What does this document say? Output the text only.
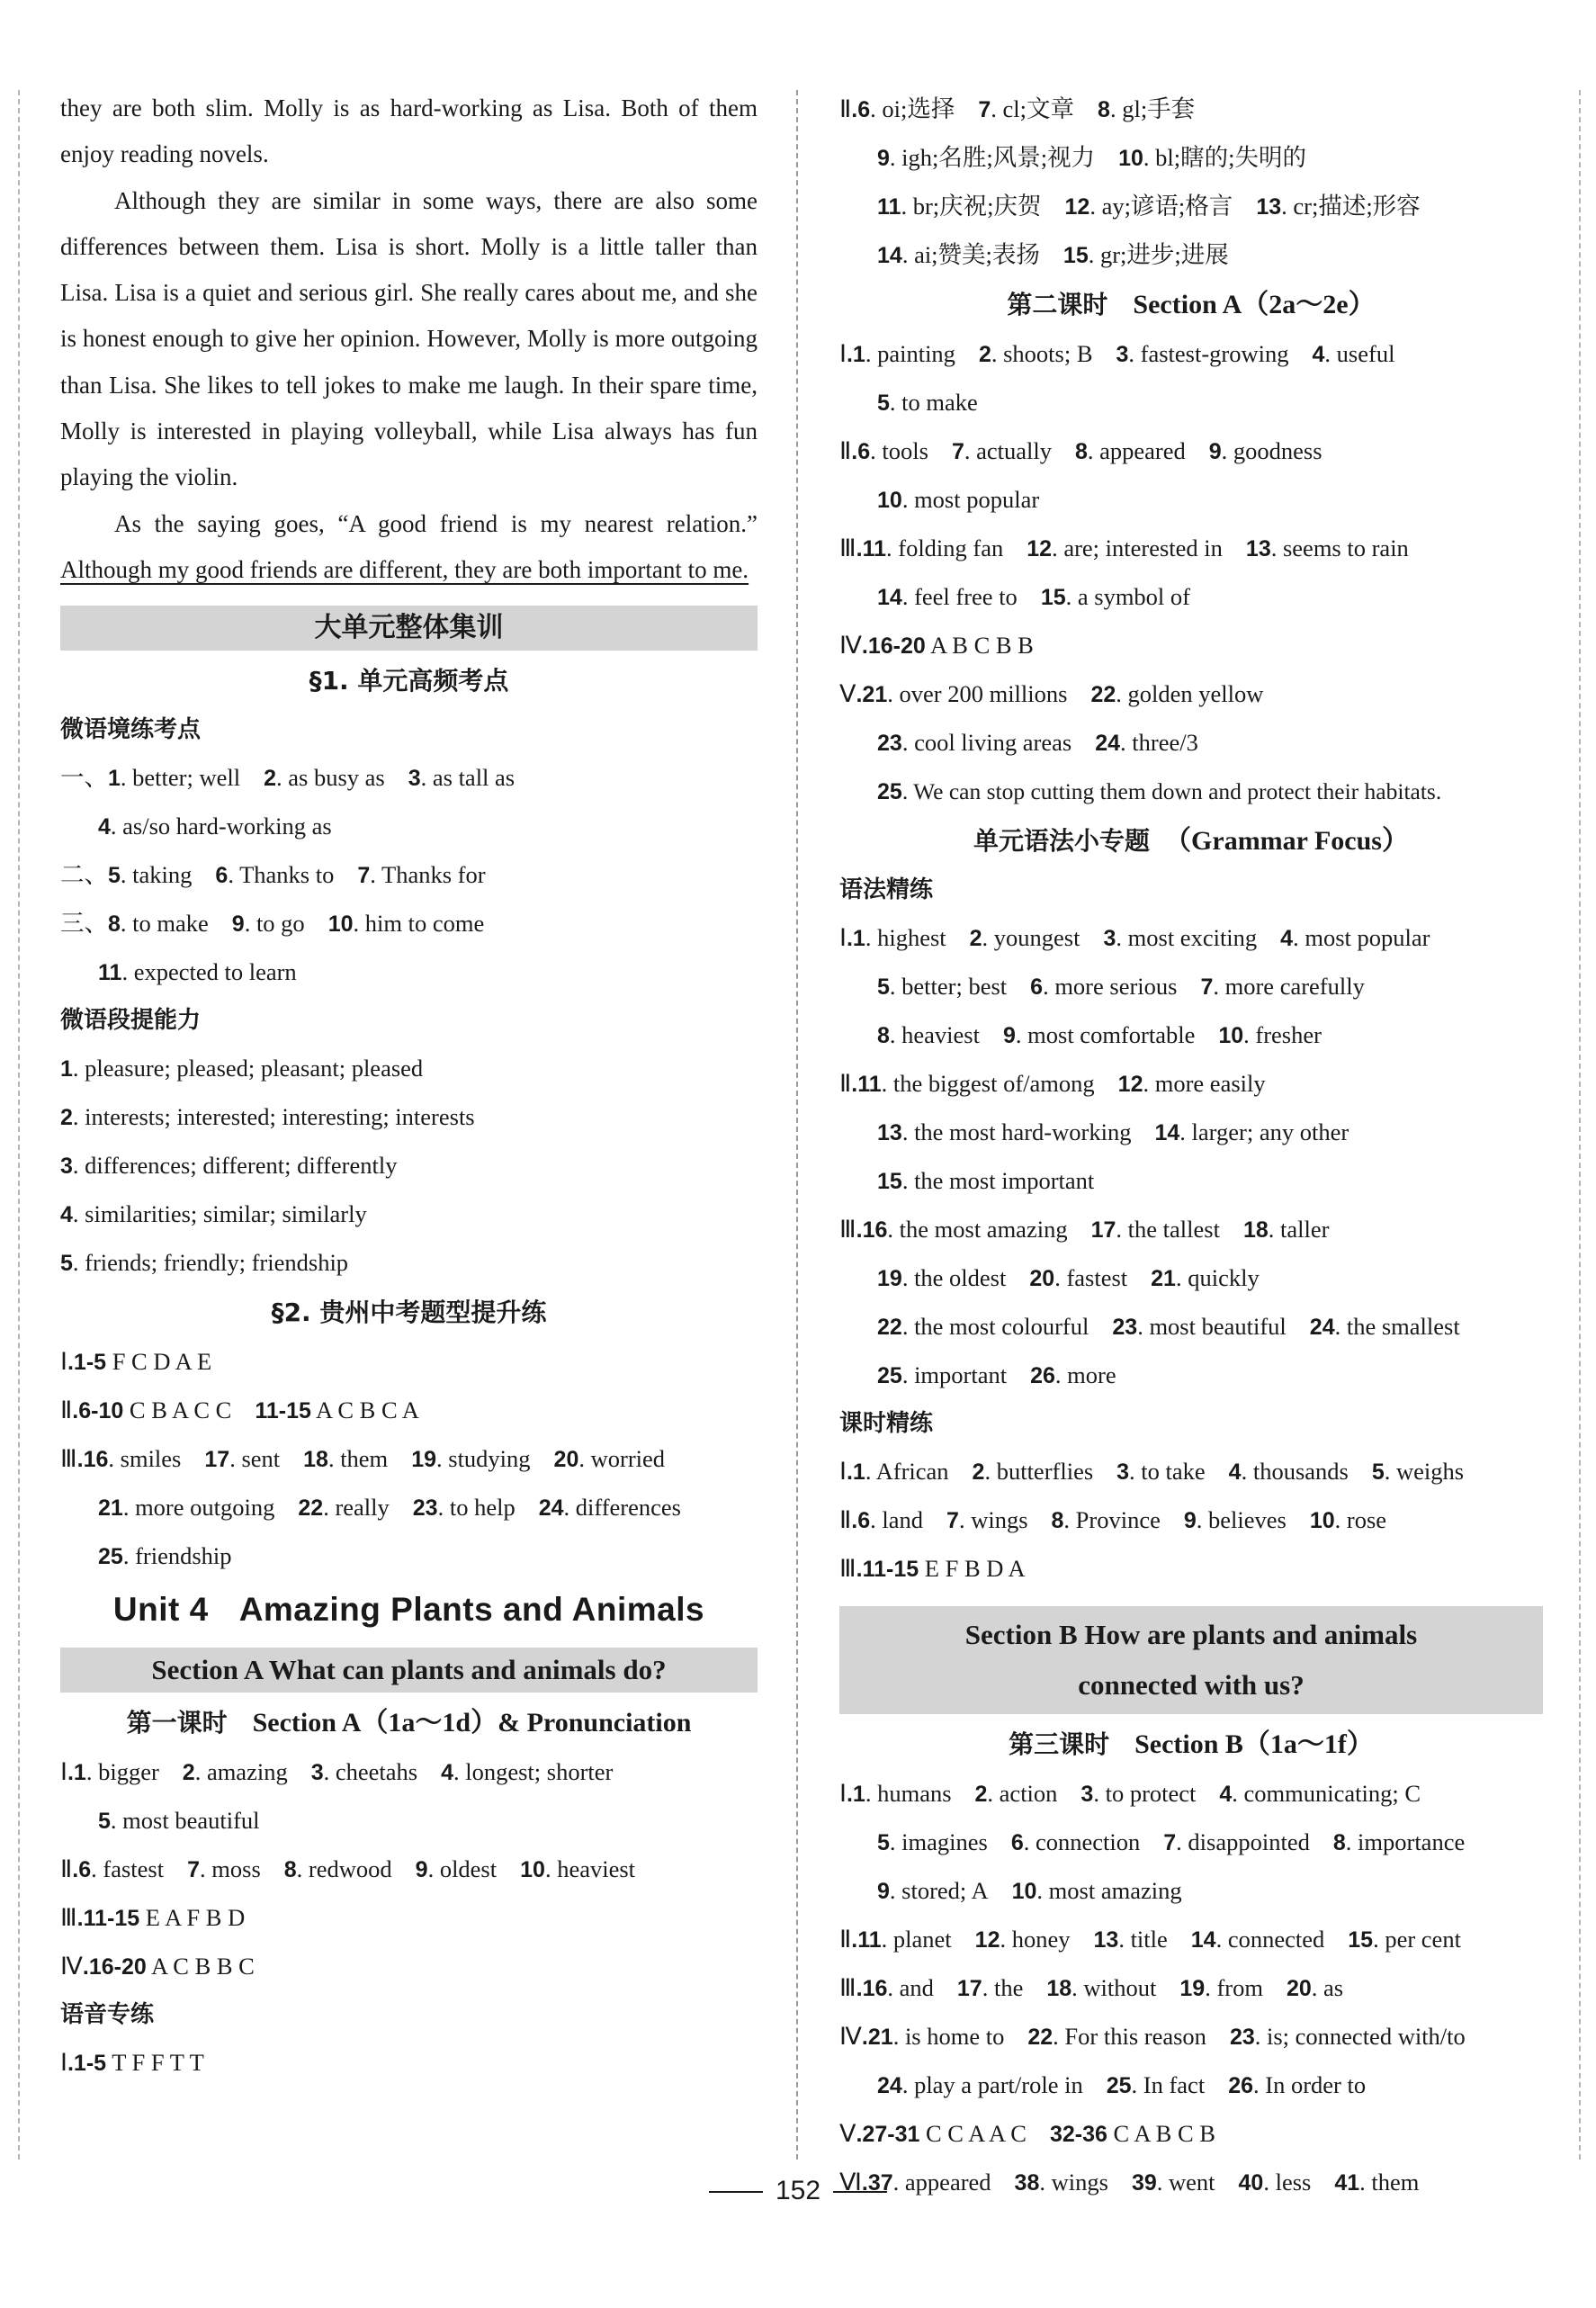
they are both slim. Molly is as hard-working as Lisa. Both of them enjoy reading novels.

Although they are similar in some ways, there are also some differences between them. Lisa is short. Molly is a little taller than Lisa. Lisa is a quiet and serious girl. She really cares about me, and she is honest enough to give her opinion. However, Molly is more outgoing than Lisa. She likes to tell jokes to make me laugh. In their spare time, Molly is interested in playing volleyball, while Lisa always has fun playing the violin.

As the saying goes, “A good friend is my nearest relation.” Although my good friends are different, they are both important to me.

大单元整体集训
§1. 单元高频考点
微语境练考点
一、1. better; well 2. as busy as 3. as tall as
4. as/so hard-working as
二、5. taking 6. Thanks to 7. Thanks for
三、8. to make 9. to go 10. him to come
11. expected to learn
微语段提能力
1. pleasure; pleased; pleasant; pleased
2. interests; interested; interesting; interests
3. differences; different; differently
4. similarities; similar; similarly
5. friends; friendly; friendship
§2. 贵州中考题型提升练
Ⅰ.1-5 F C D A E
Ⅱ.6-10 C B A C C 11-15 A C B C A
Ⅲ.16. smiles 17. sent 18. them 19. studying 20. worried
21. more outgoing 22. really 23. to help 24. differences
25. friendship
Unit 4 Amazing Plants and Animals
Section A What can plants and animals do?
第一课时 Section A（1a～1d）& Pronunciation
Ⅰ.1. bigger 2. amazing 3. cheetahs 4. longest; shorter
5. most beautiful
Ⅱ.6. fastest 7. moss 8. redwood 9. oldest 10. heaviest
Ⅲ.11-15 E A F B D
Ⅳ.16-20 A C B B C
语音专练
Ⅰ.1-5 T F F T T
Ⅱ.6. oi;选择 7. cl;文章 8. gl;手套
9. igh;名胜;风景;视力 10. bl;瞎的;失明的
11. br;庆祝;庆贺 12. ay;谚语;格言 13. cr;描述;形容
14. ai;赞美;表扬 15. gr;进步;进展
第二课时 Section A（2a～2e）
Ⅰ.1. painting 2. shoots; B 3. fastest-growing 4. useful
5. to make
Ⅱ.6. tools 7. actually 8. appeared 9. goodness
10. most popular
Ⅲ.11. folding fan 12. are; interested in 13. seems to rain
14. feel free to 15. a symbol of
Ⅳ.16-20 A B C B B
Ⅴ.21. over 200 millions 22. golden yellow
23. cool living areas 24. three/3
25. We can stop cutting them down and protect their habitats.
单元语法小专题 （Grammar Focus）
语法精练
Ⅰ.1. highest 2. youngest 3. most exciting 4. most popular
5. better; best 6. more serious 7. more carefully
8. heaviest 9. most comfortable 10. fresher
Ⅱ.11. the biggest of/among 12. more easily
13. the most hard-working 14. larger; any other
15. the most important
Ⅲ.16. the most amazing 17. the tallest 18. taller
19. the oldest 20. fastest 21. quickly
22. the most colourful 23. most beautiful 24. the smallest
25. important 26. more
课时精练
Ⅰ.1. African 2. butterflies 3. to take 4. thousands 5. weighs
Ⅱ.6. land 7. wings 8. Province 9. believes 10. rose
Ⅲ.11-15 E F B D A
Section B How are plants and animals
connected with us?
第三课时 Section B（1a～1f）
Ⅰ.1. humans 2. action 3. to protect 4. communicating; C
5. imagines 6. connection 7. disappointed 8. importance
9. stored; A 10. most amazing
Ⅱ.11. planet 12. honey 13. title 14. connected 15. per cent
Ⅲ.16. and 17. the 18. without 19. from 20. as
Ⅳ.21. is home to 22. For this reason 23. is; connected with/to
24. play a part/role in 25. In fact 26. In order to
Ⅴ.27-31 C C A A C 32-36 C A B C B
Ⅵ.37. appeared 38. wings 39. went 40. less 41. them
152
